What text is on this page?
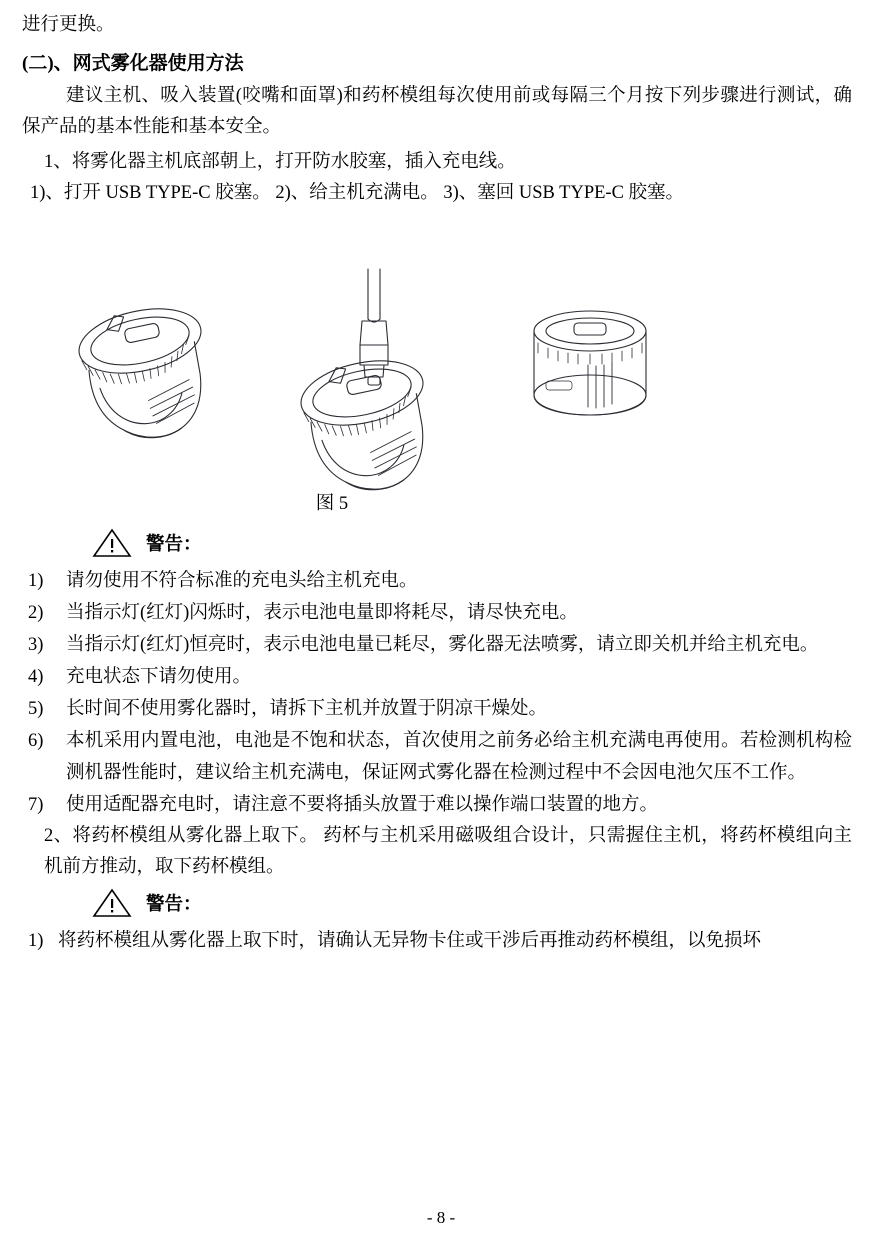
进行更换。
(二)、网式雾化器使用方法
建议主机、吸入装置(咬嘴和面罩)和药杯模组每次使用前或每隔三个月按下列步骤进行测试，确保产品的基本性能和基本安全。
1、将雾化器主机底部朝上，打开防水胶塞，插入充电线。
1)、打开 USB TYPE-C 胶塞。 2)、给主机充满电。 3)、塞回 USB TYPE-C 胶塞。
图 5
警告：
1)	请勿使用不符合标准的充电头给主机充电。
2)	当指示灯(红灯)闪烁时，表示电池电量即将耗尽，请尽快充电。
3)	当指示灯(红灯)恒亮时，表示电池电量已耗尽，雾化器无法喷雾，请立即关机并给主机充电。
4)	充电状态下请勿使用。
5)	长时间不使用雾化器时，请拆下主机并放置于阴凉干燥处。
6)	本机采用内置电池，电池是不饱和状态，首次使用之前务必给主机充满电再使用。若检测机构检测机器性能时，建议给主机充满电，保证网式雾化器在检测过程中不会因电池欠压不工作。
7)	使用适配器充电时，请注意不要将插头放置于难以操作端口装置的地方。
2、将药杯模组从雾化器上取下。 药杯与主机采用磁吸组合设计，只需握住主机，将药杯模组向主机前方推动，取下药杯模组。
警告：
1) 将药杯模组从雾化器上取下时，请确认无异物卡住或干涉后再推动药杯模组，以免损坏
- 8 -
